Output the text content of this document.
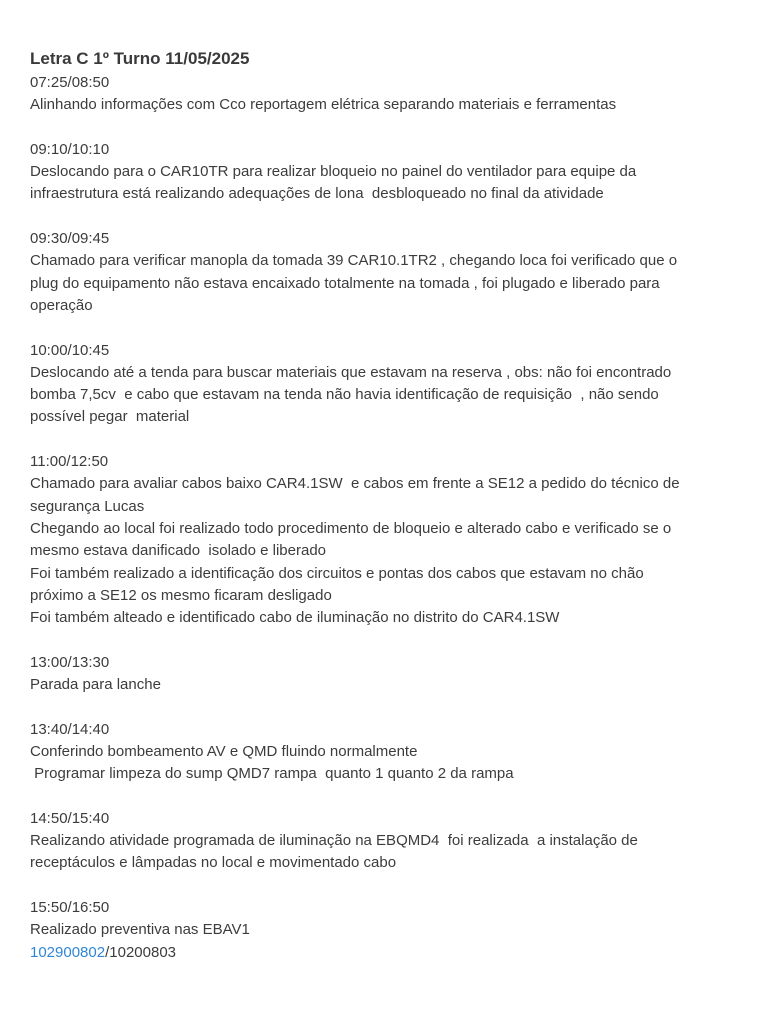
Letra C 1º Turno 11/05/2025
07:25/08:50
Alinhando informações com Cco reportagem elétrica separando materiais e ferramentas
09:10/10:10
Deslocando para o CAR10TR para realizar bloqueio no painel do ventilador para equipe da
infraestrutura está realizando adequações de lona  desbloqueado no final da atividade
09:30/09:45
Chamado para verificar manopla da tomada 39 CAR10.1TR2 , chegando loca foi verificado que o
plug do equipamento não estava encaixado totalmente na tomada , foi plugado e liberado para
operação
10:00/10:45
Deslocando até a tenda para buscar materiais que estavam na reserva , obs: não foi encontrado
bomba 7,5cv  e cabo que estavam na tenda não havia identificação de requisição  , não sendo
possível pegar  material
11:00/12:50
Chamado para avaliar cabos baixo CAR4.1SW  e cabos em frente a SE12 a pedido do técnico de
segurança Lucas
Chegando ao local foi realizado todo procedimento de bloqueio e alterado cabo e verificado se o
mesmo estava danificado  isolado e liberado
Foi também realizado a identificação dos circuitos e pontas dos cabos que estavam no chão
próximo a SE12 os mesmo ficaram desligado
Foi também alteado e identificado cabo de iluminação no distrito do CAR4.1SW
13:00/13:30
Parada para lanche
13:40/14:40
Conferindo bombeamento AV e QMD fluindo normalmente
Programar limpeza do sump QMD7 rampa  quanto 1 quanto 2 da rampa
14:50/15:40
Realizando atividade programada de iluminação na EBQMD4  foi realizada  a instalação de
receptáculos e lâmpadas no local e movimentado cabo
15:50/16:50
Realizado preventiva nas EBAV1
102900802/10200803
